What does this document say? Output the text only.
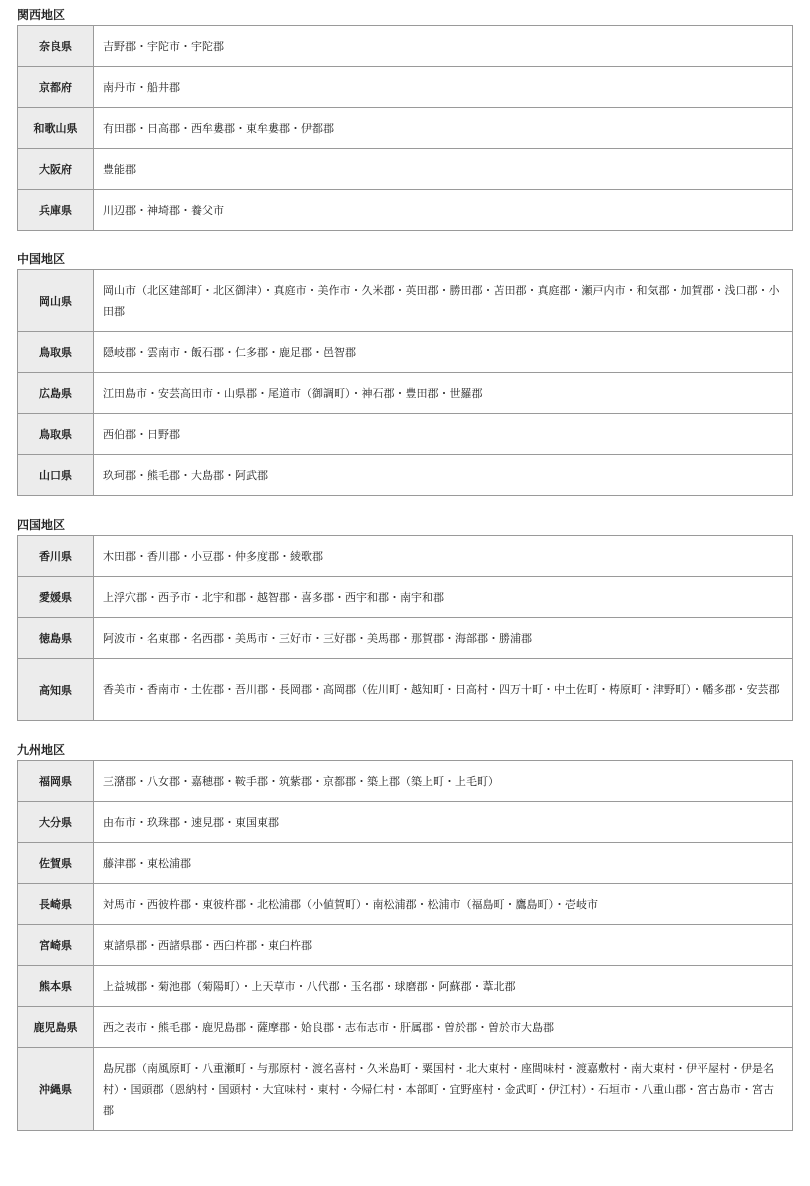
関西地区
奈良県	吉野郡・宇陀市・宇陀郡
京都府	南丹市・船井郡
和歌山県	有田郡・日高郡・西牟婁郡・東牟婁郡・伊都郡
大阪府	豊能郡
兵庫県	川辺郡・神埼郡・養父市
中国地区
岡山県	岡山市（北区建部町・北区御津）・真庭市・美作市・久米郡・英田郡・勝田郡・苫田郡・真庭郡・瀬戸内市・和気郡・加賀郡・浅口郡・小田郡
鳥取県	隠岐郡・雲南市・飯石郡・仁多郡・鹿足郡・邑智郡
広島県	江田島市・安芸高田市・山県郡・尾道市（御調町）・神石郡・豊田郡・世羅郡
鳥取県	西伯郡・日野郡
山口県	玖珂郡・熊毛郡・大島郡・阿武郡
四国地区
香川県	木田郡・香川郡・小豆郡・仲多度郡・綾歌郡
愛媛県	上浮穴郡・西予市・北宇和郡・越智郡・喜多郡・西宇和郡・南宇和郡
徳島県	阿波市・名東郡・名西郡・美馬市・三好市・三好郡・美馬郡・那賀郡・海部郡・勝浦郡
高知県	香美市・香南市・土佐郡・吾川郡・長岡郡・高岡郡（佐川町・越知町・日高村・四万十町・中土佐町・梼原町・津野町）・幡多郡・安芸郡
九州地区
福岡県	三潴郡・八女郡・嘉穂郡・鞍手郡・筑紫郡・京都郡・築上郡（築上町・上毛町）
大分県	由布市・玖珠郡・速見郡・東国東郡
佐賀県	藤津郡・東松浦郡
長崎県	対馬市・西彼杵郡・東彼杵郡・北松浦郡（小値賀町）・南松浦郡・松浦市（福島町・鷹島町）・壱岐市
宮崎県	東諸県郡・西諸県郡・西臼杵郡・東臼杵郡
熊本県	上益城郡・菊池郡（菊陽町）・上天草市・八代郡・玉名郡・球磨郡・阿蘇郡・葦北郡
鹿児島県	西之表市・熊毛郡・鹿児島郡・薩摩郡・姶良郡・志布志市・肝属郡・曽於郡・曽於市大島郡
沖縄県	島尻郡（南風原町・八重瀬町・与那原村・渡名喜村・久米島町・粟国村・北大東村・座間味村・渡嘉敷村・南大東村・伊平屋村・伊是名村）・国頭郡（恩納村・国頭村・大宜味村・東村・今帰仁村・本部町・宜野座村・金武町・伊江村）・石垣市・八重山郡・宮古島市・宮古郡
